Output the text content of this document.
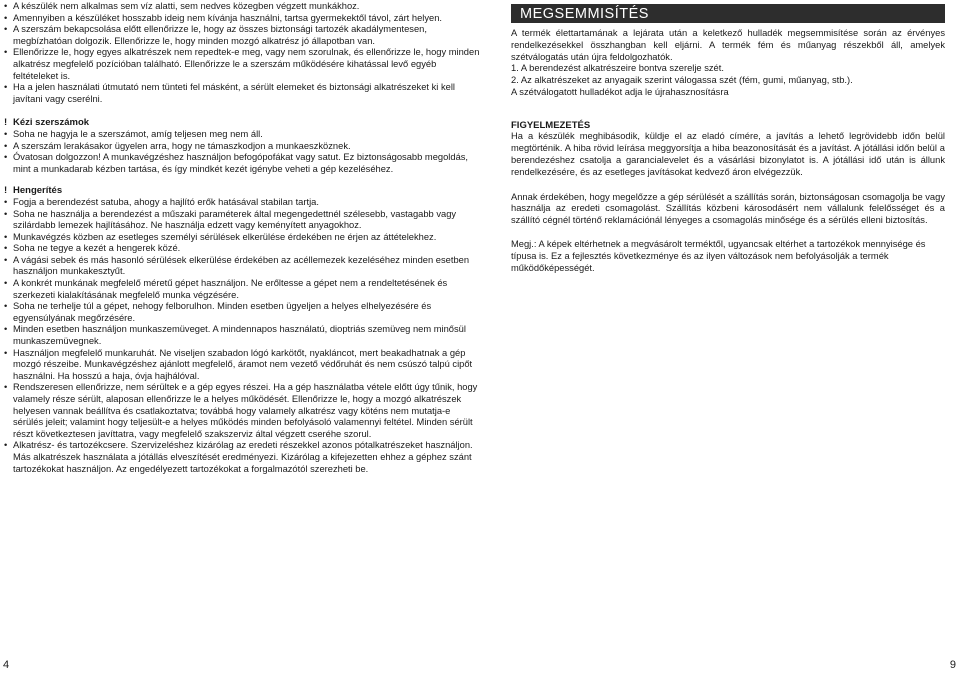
• A készülék nem alkalmas sem víz alatti, sem nedves közegben végzett munkákhoz.
• Amennyiben a készüléket hosszabb ideig nem kívánja használni, tartsa gyermekektől távol, zárt helyen.
• A szerszám bekapcsolása előtt ellenőrizze le, hogy az összes biztonsági tartozék akadálymentesen, megbízhatóan dolgozik. Ellenőrizze le, hogy minden mozgó alkatrész jó állapotban van.
• Ellenőrizze le, hogy egyes alkatrészek nem repedtek-e meg, vagy nem szorulnak, és ellenőrizze le, hogy minden alkatrész megfelelő pozícióban található. Ellenőrizze le a szerszám működésére kihatással levő egyéb feltételeket is.
• Ha a jelen használati útmutató nem tünteti fel másként, a sérült elemeket és biztonsági alkatrészeket ki kell javítani vagy cserélni.
! Kézi szerszámok
• Soha ne hagyja le a szerszámot, amíg teljesen meg nem áll.
• A szerszám lerakásakor ügyelen arra, hogy ne támaszkodjon a munkaeszköznek.
• Óvatosan dolgozzon! A munkavégzéshez használjon befogópofákat vagy satut. Ez biztonságosabb megoldás, mint a munkadarab kézben tartása, és így mindkét kezét igénybe veheti a gép kezeléséhez.
! Hengerítés
• Fogja a berendezést satuba, ahogy a hajlító erők hatásával stabilan tartja.
• Soha ne használja a berendezést a műszaki paraméterek által megengedettnél szélesebb, vastagabb vagy szilárdabb lemezek hajlításához. Ne használja edzett vagy keményített anyagokhoz.
• Munkavégzés közben az esetleges személyi sérülések elkerülése érdekében ne érjen az áttételekhez.
• Soha ne tegye a kezét a hengerek közé.
• A vágási sebek és más hasonló sérülések elkerülése érdekében az acéllemezek kezeléséhez minden esetben használjon munkakesztyűt.
• A konkrét munkának megfelelő méretű gépet használjon. Ne erőltesse a gépet nem a rendeltetésének és szerkezeti kialakításának megfelelő munka végzésére.
• Soha ne terhelje túl a gépet, nehogy felborulhon. Minden esetben ügyeljen a helyes elhelyezésére és egyensúlyának megőrzésére.
• Minden esetben használjon munkaszemüveget. A mindennapos használatú, dioptriás szemüveg nem minősül munkaszemüvegnek.
• Használjon megfelelő munkaruhát. Ne viseljen szabadon lógó karkötőt, nyakláncot, mert beakadhatnak a gép mozgó részeibe. Munkavégzéshez ajánlott megfelelő, áramot nem vezető védőruhát és nem csúszó talpú cipőt használni. Ha hosszú a haja, óvja hajhálóval.
• Rendszeresen ellenőrizze, nem sérültek e a gép egyes részei. Ha a gép használatba vétele előtt úgy tűnik, hogy valamely része sérült, alaposan ellenőrizze le a helyes működését. Ellenőrizze le, hogy a mozgó alkatrészek helyesen vannak beállítva és csatlakoztatva; továbbá hogy valamely alkatrész vagy köténs nem mutatja-e sérülés jeleit; valamint hogy teljesült-e a helyes működés minden befolyásoló valamennyi feltétel. Minden sérült részt következtesen javíttatra, vagy megfelelő szakszerviz által végzett cseréhe szorul.
• Alkatrész- és tartozékcsere. Szervizeléshez kizárólag az eredeti részekkel azonos pótalkatrészeket használjon. Más alkatrészek használata a jótállás elveszítését eredményezi. Kizárólag a kifejezetten ehhez a géphez szánt tartozékokat használjon. Az engedélyezett tartozékokat a forgalmazótól szerezheti be.
MEGSEMMISÍTÉS

A termék élettartamának a lejárata után a keletkező hulladék megsemmisítése során az érvényes rendelkezésekkel összhangban kell eljárni. A termék fém és műanyag részekből áll, amelyek szétválogatás után újra feldolgozhatók.

1. A berendezést alkatrészeire bontva szerelje szét.

2. Az alkatrészeket az anyagaik szerint válogassa szét (fém, gumi, műanyag, stb.).

A szétválogatott hulladékot adja le újrahasznosításra

FIGYELMEZETÉS

Ha a készülék meghibásodik, küldje el az eladó címére, a javítás a lehető legrövidebb időn belül megtörténik. A hiba rövid leírása meggyorsítja a hiba beazonosítását és a javítást. A jótállási időn belül a berendezéshez csatolja a garancialevelet és a vásárlási bizonylatot is. A jótállási idő után is állunk rendelkezésére, és az esetleges javításokat kedvező áron elvégezzük.

Annak érdekében, hogy megelőzze a gép sérülését a szállítás során, biztonságosan csomagolja be vagy használja az eredeti csomagolást. Szállítás közbeni károsodásért nem vállalunk felelősséget és a szállító cégnél történő reklamációnál lényeges a csomagolás minősége és a sérülés elleni biztosítás.

Megj.: A képek eltérhetnek a megvásárolt terméktől, ugyancsak eltérhet a tartozékok mennyisége és típusa is. Ez a fejlesztés következménye és az ilyen változások nem befolyásolják a termék működőképességét.

4	9
